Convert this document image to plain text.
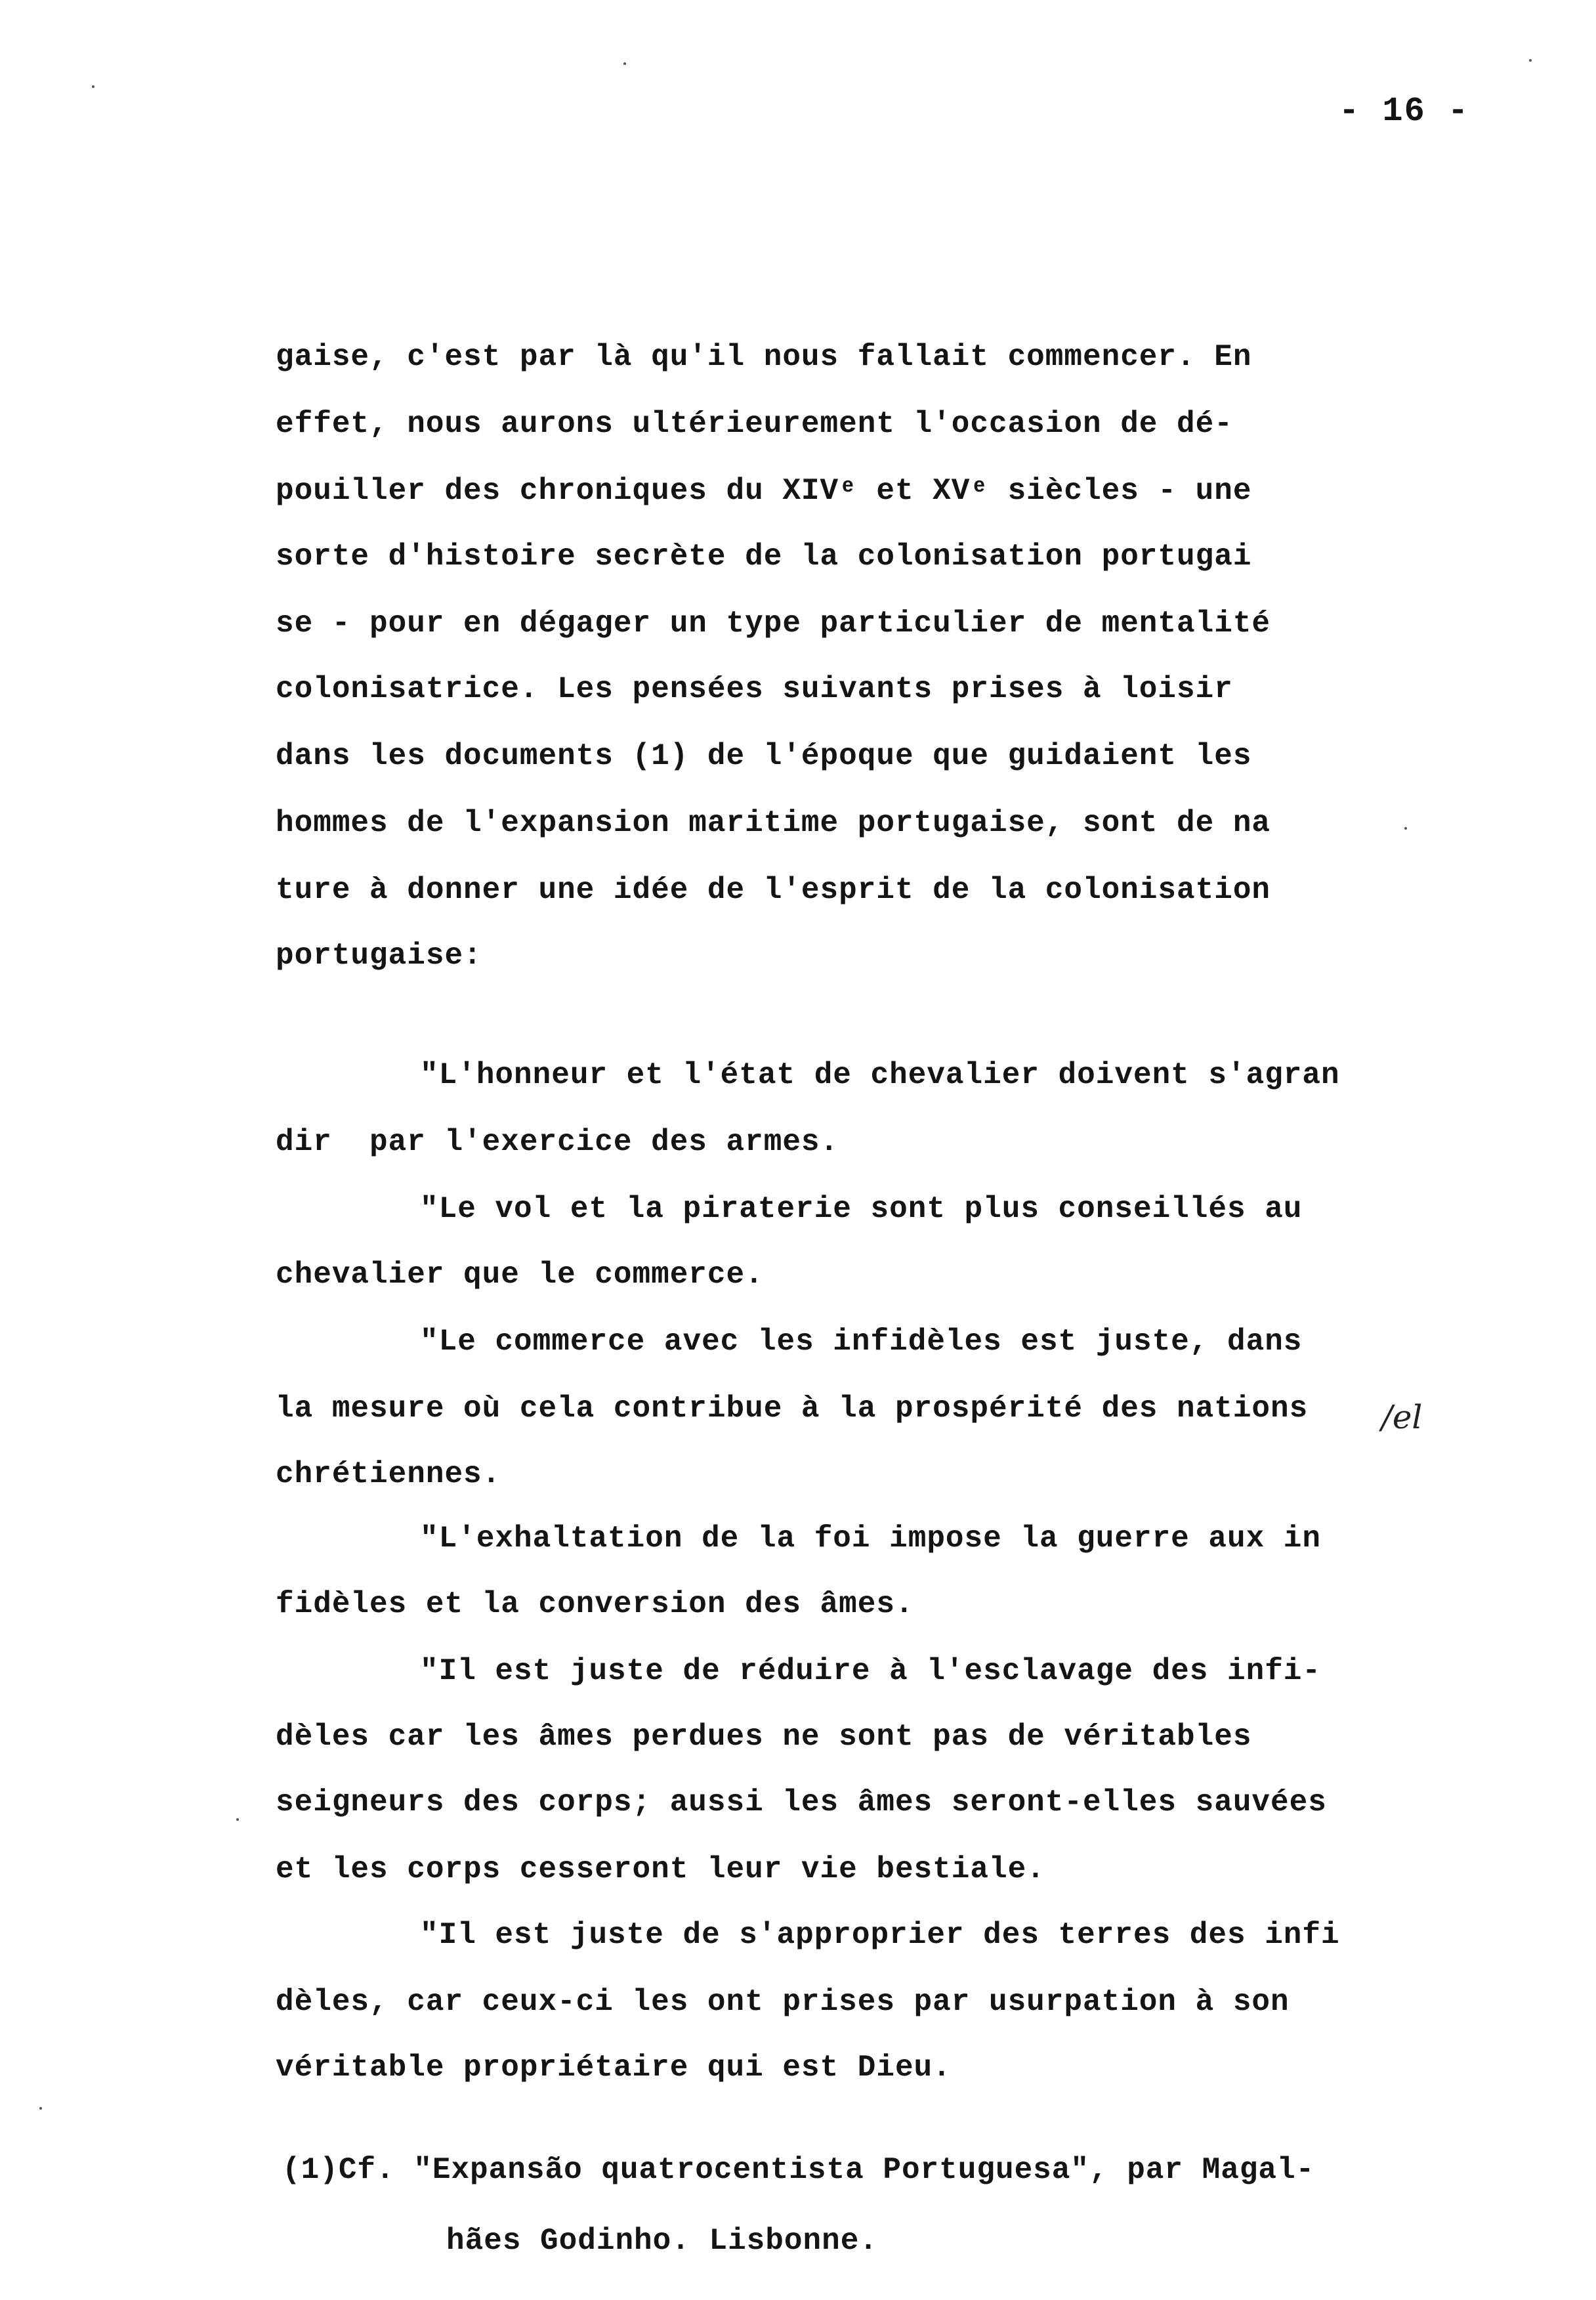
- 16 -
gaise, c'est par là qu'il nous fallait commencer. En
effet, nous aurons ultérieurement l'occasion de dé-
pouiller des chroniques du XIVᵉ et XVᵉ siècles - une
sorte d'histoire secrète de la colonisation portugai
se - pour en dégager un type particulier de mentalité
colonisatrice. Les pensées suivants prises à loisir
dans les documents (1) de l'époque que guidaient les
hommes de l'expansion maritime portugaise, sont de na
ture à donner une idée de l'esprit de la colonisation
portugaise:
"L'honneur et l'état de chevalier doivent s'agran
dir  par l'exercice des armes.
"Le vol et la piraterie sont plus conseillés au
chevalier que le commerce.
"Le commerce avec les infidèles est juste, dans
la mesure où cela contribue à la prospérité des nations
chrétiennes.
"L'exhaltation de la foi impose la guerre aux in
fidèles et la conversion des âmes.
"Il est juste de réduire à l'esclavage des infi-
dèles car les âmes perdues ne sont pas de véritables
seigneurs des corps; aussi les âmes seront-elles sauvées
et les corps cesseront leur vie bestiale.
"Il est juste de s'approprier des terres des infi
dèles, car ceux-ci les ont prises par usurpation à son
véritable propriétaire qui est Dieu.
/el
(1)Cf. "Expansão quatrocentista Portuguesa", par Magal-
hães Godinho. Lisbonne.
